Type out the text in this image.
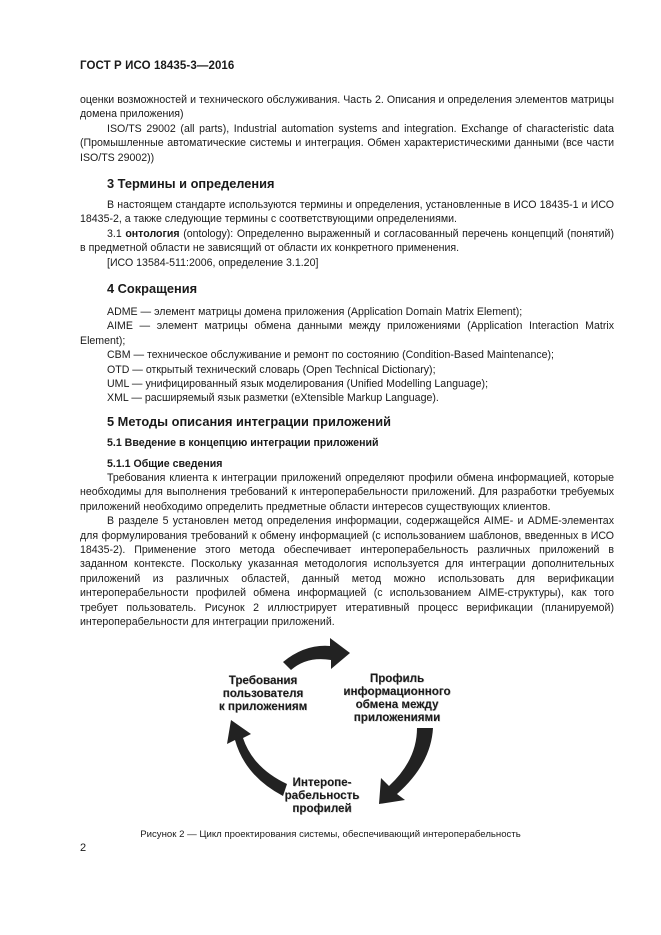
ГОСТ Р ИСО 18435-3—2016

оценки возможностей и технического обслуживания. Часть 2. Описания и определения элементов матрицы домена приложения)

ISO/TS 29002 (all parts), Industrial automation systems and integration. Exchange of characteristic data (Промышленные автоматические системы и интеграция. Обмен характеристическими данными (все части ISO/TS 29002))

3 Термины и определения

В настоящем стандарте используются термины и определения, установленные в ИСО 18435-1 и ИСО 18435-2, а также следующие термины с соответствующими определениями.

3.1 онтология (ontology): Определенно выраженный и согласованный перечень концепций (понятий) в предметной области не зависящий от области их конкретного применения.

[ИСО 13584-511:2006, определение 3.1.20]

4 Сокращения

ADME — элемент матрицы домена приложения (Application Domain Matrix Element);

AIME — элемент матрицы обмена данными между приложениями (Application Interaction Matrix Element);

CBM — техническое обслуживание и ремонт по состоянию (Condition-Based Maintenance);

OTD — открытый технический словарь (Open Technical Dictionary);

UML — унифицированный язык моделирования (Unified Modelling Language);

XML — расширяемый язык разметки (eXtensible Markup Language).

5 Методы описания интеграции приложений
5.1 Введение в концепцию интеграции приложений
5.1.1 Общие сведения

Требования клиента к интеграции приложений определяют профили обмена информацией, которые необходимы для выполнения требований к интероперабельности приложений. Для разработки требуемых приложений необходимо определить предметные области интересов существующих клиентов.

В разделе 5 установлен метод определения информации, содержащейся AIME- и ADME-элементах для формулирования требований к обмену информацией (с использованием шаблонов, введенных в ИСО 18435-2). Применение этого метода обеспечивает интероперабельность различных приложений в заданном контексте. Поскольку указанная методология используется для интеграции дополнительных приложений из различных областей, данный метод можно использовать для верификации интероперабельности профилей обмена информацией (с использованием AIME-структуры), как того требует пользователь. Рисунок 2 иллюстрирует итеративный процесс верификации (планируемой) интероперабельности для интеграции приложений.

Требования
пользователя
к приложениям
Профиль
информационного
обмена между
приложениями
Интеропе-
рабельность
профилей
Рисунок 2 — Цикл проектирования системы, обеспечивающий интероперабельность
2
